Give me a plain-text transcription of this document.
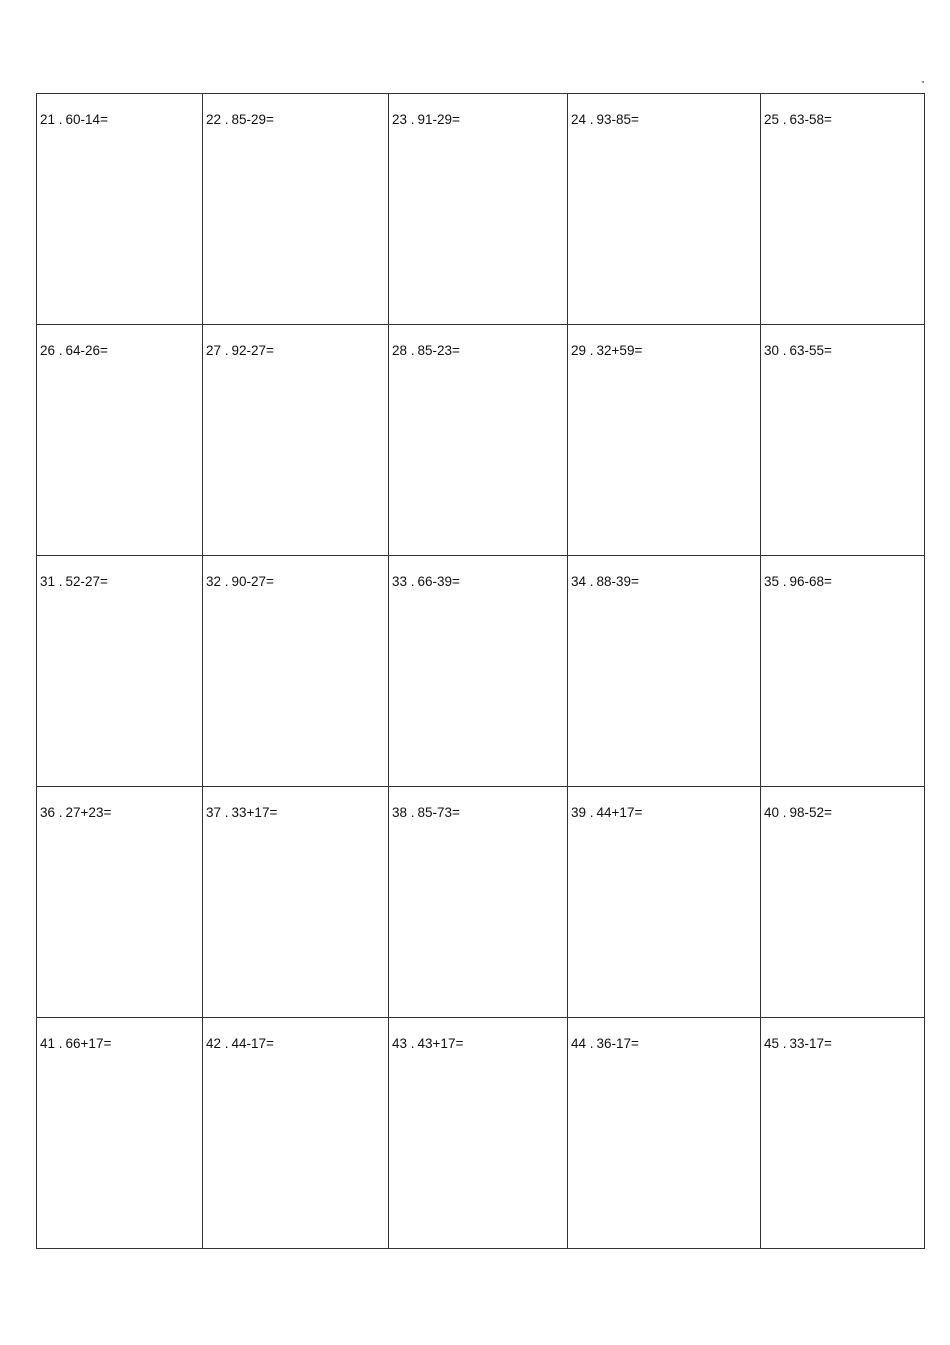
,,
21 . 60-14=	22 . 85-29=	23 . 91-29=	24 . 93-85=	25 . 63-58=

26 . 64-26=	27 . 92-27=	28 . 85-23=	29 . 32+59=	30 . 63-55=

31 . 52-27=	32 . 90-27=	33 . 66-39=	34 . 88-39=	35 . 96-68=

36 . 27+23=	37 . 33+17=	38 . 85-73=	39 . 44+17=	40 . 98-52=

41 . 66+17=	42 . 44-17=	43 . 43+17=	44 . 36-17=	45 . 33-17=
